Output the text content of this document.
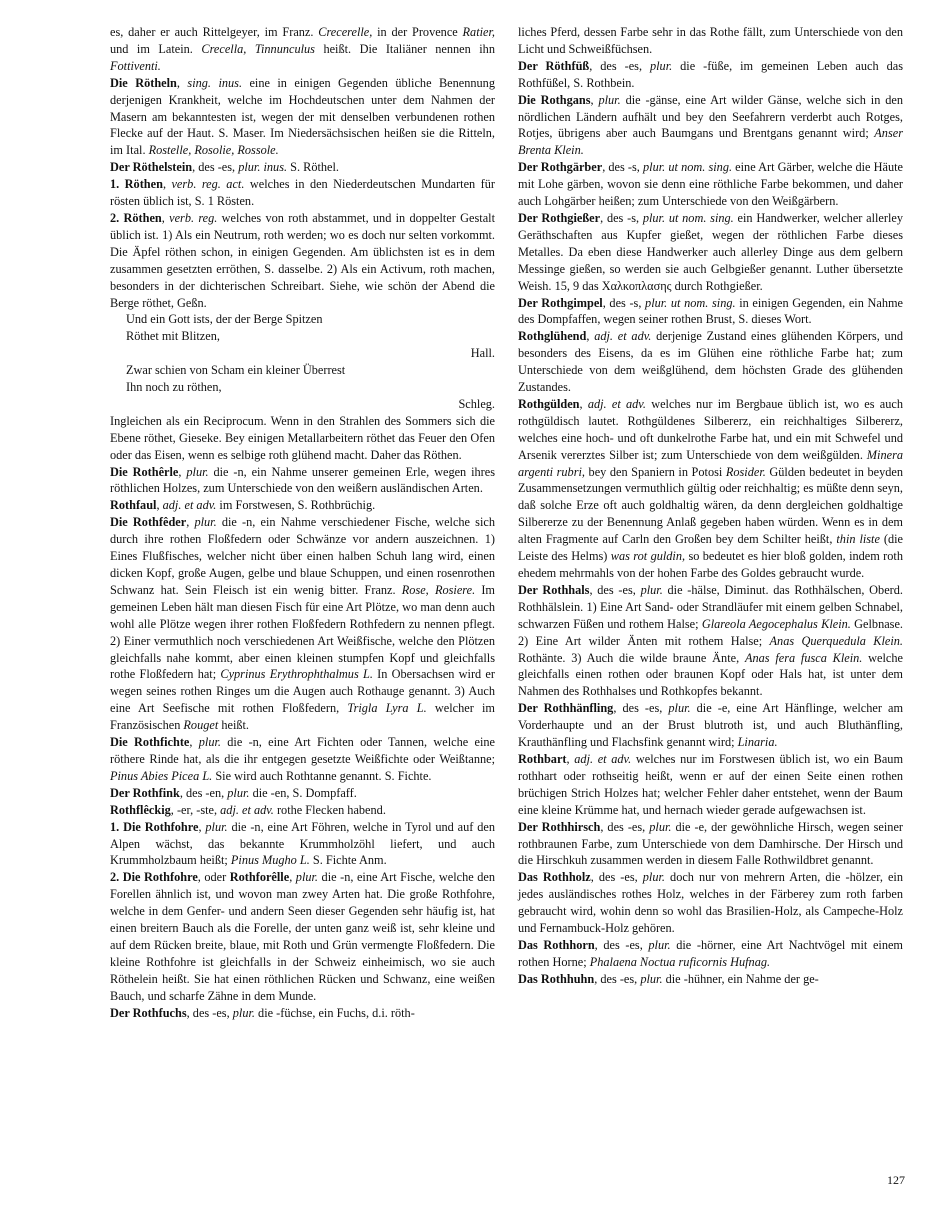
es, daher er auch Rittelgeyer, im Franz. Crecerelle, in der Provence Ratier, und im Latein. Crecella, Tinnunculus heißt. Die Italiäner nennen ihn Fottiventi.

Die Rötheln, sing. inus. eine in einigen Gegenden übliche Benennung derjenigen Krankheit, welche im Hochdeutschen unter dem Nahmen der Masern am bekanntesten ist, wegen der mit denselben verbundenen rothen Flecke auf der Haut. S. Maser. Im Niedersächsischen heißen sie die Ritteln, im Ital. Rostelle, Rosolie, Rossole.

Der Röthelstein, des -es, plur. inus. S. Röthel.

1. Röthen, verb. reg. act. welches in den Niederdeutschen Mundarten für rösten üblich ist, S. 1 Rösten.

2. Röthen, verb. reg. welches von roth abstammet, und in doppelter Gestalt üblich ist. 1) Als ein Neutrum, roth werden; wo es doch nur selten vorkommt. Die Äpfel röthen schon, in einigen Gegenden. Am üblichsten ist es in dem zusammen gesetzten erröthen, S. dasselbe. 2) Als ein Activum, roth machen, besonders in der dichterischen Schreibart. Siehe, wie schön der Abend die Berge röthet, Geßn.

Und ein Gott ists, der der Berge Spitzen

Röthet mit Blitzen,

Hall.

Zwar schien von Scham ein kleiner Überrest

Ihn noch zu röthen,

Schleg.

Ingleichen als ein Reciprocum. Wenn in den Strahlen des Sommers sich die Ebene röthet, Gieseke. Bey einigen Metallarbeitern röthet das Feuer den Ofen oder das Eisen, wenn es selbige roth glühend macht. Daher das Röthen.

Die Rothêrle, plur. die -n, ein Nahme unserer gemeinen Erle, wegen ihres röthlichen Holzes, zum Unterschiede von den weißern ausländischen Arten.

Rothfaul, adj. et adv. im Forstwesen, S. Rothbrüchig.

Die Rothfêder, plur. die -n, ein Nahme verschiedener Fische, welche sich durch ihre rothen Floßfedern oder Schwänze vor andern auszeichnen. 1) Eines Flußfisches, welcher nicht über einen halben Schuh lang wird, einen dicken Kopf, große Augen, gelbe und blaue Schuppen, und einen rosenrothen Schwanz hat. Sein Fleisch ist ein wenig bitter. Franz. Rose, Rosiere. Im gemeinen Leben hält man diesen Fisch für eine Art Plötze, wo man denn auch wohl alle Plötze wegen ihrer rothen Floßfedern Rothfedern zu nennen pflegt. 2) Einer vermuthlich noch verschiedenen Art Weißfische, welche den Plötzen gleichfalls nahe kommt, aber einen kleinen stumpfen Kopf und gleichfalls rothe Floßfedern hat; Cyprinus Erythrophthalmus L. In Obersachsen wird er wegen seines rothen Ringes um die Augen auch Rothauge genannt. 3) Auch eine Art Seefische mit rothen Floßfedern, Trigla Lyra L. welcher im Französischen Rouget heißt.

Die Rothfichte, plur. die -n, eine Art Fichten oder Tannen, welche eine röthere Rinde hat, als die ihr entgegen gesetzte Weißfichte oder Weißtanne; Pinus Abies Picea L. Sie wird auch Rothtanne genannt. S. Fichte.

Der Rothfink, des -en, plur. die -en, S. Dompfaff.

Rothflêckig, -er, -ste, adj. et adv. rothe Flecken habend.

1. Die Rothfohre, plur. die -n, eine Art Föhren, welche in Tyrol und auf den Alpen wächst, das bekannte Krummholzöhl liefert, und auch Krummholzbaum heißt; Pinus Mugho L. S. Fichte Anm.

2. Die Rothfohre, oder Rothforêlle, plur. die -n, eine Art Fische, welche den Forellen ähnlich ist, und wovon man zwey Arten hat. Die große Rothfohre, welche in dem Genfer- und andern Seen dieser Gegenden sehr häufig ist, hat einen breitern Bauch als die Forelle, der unten ganz weiß ist, sehr kleine und auf dem Rücken breite, blaue, mit Roth und Grün vermengte Floßfedern. Die kleine Rothfohre ist gleichfalls in der Schweiz einheimisch, wo sie auch Röthelein heißt. Sie hat einen röthlichen Rücken und Schwanz, eine weißen Bauch, und scharfe Zähne in dem Munde.

Der Rothfuchs, des -es, plur. die -füchse, ein Fuchs, d.i. röth-

liches Pferd, dessen Farbe sehr in das Rothe fällt, zum Unterschiede von den Licht und Schweißfüchsen.

Der Röthfüß, des -es, plur. die -füße, im gemeinen Leben auch das Rothfüßel, S. Rothbein.

Die Rothgans, plur. die -gänse, eine Art wilder Gänse, welche sich in den nördlichen Ländern aufhält und bey den Seefahrern verderbt auch Rotges, Rotjes, übrigens aber auch Baumgans und Brentgans genannt wird; Anser Brenta Klein.

Der Rothgärber, des -s, plur. ut nom. sing. eine Art Gärber, welche die Häute mit Lohe gärben, wovon sie denn eine röthliche Farbe bekommen, und daher auch Lohgärber heißen; zum Unterschiede von den Weißgärbern.

Der Rothgießer, des -s, plur. ut nom. sing. ein Handwerker, welcher allerley Geräthschaften aus Kupfer gießet, wegen der röthlichen Farbe dieses Metalles. Da eben diese Handwerker auch allerley Dinge aus dem gelbern Messinge gießen, so werden sie auch Gelbgießer genannt. Luther übersetzte Weish. 15, 9 das Χαλκοπλασης durch Rothgießer.

Der Rothgimpel, des -s, plur. ut nom. sing. in einigen Gegenden, ein Nahme des Dompfaffen, wegen seiner rothen Brust, S. dieses Wort.

Rothglühend, adj. et adv. derjenige Zustand eines glühenden Körpers, und besonders des Eisens, da es im Glühen eine röthliche Farbe hat; zum Unterschiede von dem weißglühend, dem höchsten Grade des glühenden Zustandes.

Rothgülden, adj. et adv. welches nur im Bergbaue üblich ist, wo es auch rothgüldisch lautet. Rothgüldenes Silbererz, ein reichhaltiges Silbererz, welches eine hoch- und oft dunkelrothe Farbe hat, und ein mit Schwefel und Arsenik vererztes Silber ist; zum Unterschiede von dem weißgülden. Minera argenti rubri, bey den Spaniern in Potosi Rosider. Gülden bedeutet in beyden Zusammensetzungen vermuthlich gültig oder reichhaltig; es müßte denn seyn, daß solche Erze oft auch goldhaltig wären, da denn dergleichen goldhaltige Silbererze zu der Benennung Anlaß gegeben haben würden. Wenn es in dem alten Fragmente auf Carln den Großen bey dem Schilter heißt, thin liste (die Leiste des Helms) was rot guldin, so bedeutet es hier bloß golden, indem roth ehedem mehrmahls von der hohen Farbe des Goldes gebraucht wurde.

Der Rothhals, des -es, plur. die -hälse, Diminut. das Rothhälschen, Oberd. Rothhälslein. 1) Eine Art Sand- oder Strandläufer mit einem gelben Schnabel, schwarzen Füßen und rothem Halse; Glareola Aegocephalus Klein. Gelbnase. 2) Eine Art wilder Änten mit rothem Halse; Anas Querquedula Klein. Rothänte. 3) Auch die wilde braune Änte, Anas fera fusca Klein. welche gleichfalls einen rothen oder braunen Kopf oder Hals hat, ist unter dem Nahmen des Rothhalses und Rothkopfes bekannt.

Der Rothhänfling, des -es, plur. die -e, eine Art Hänflinge, welcher am Vorderhaupte und an der Brust blutroth ist, und auch Bluthänfling, Krauthänfling und Flachsfink genannt wird; Linaria.

Rothbart, adj. et adv. welches nur im Forstwesen üblich ist, wo ein Baum rothhart oder rothseitig heißt, wenn er auf der einen Seite einen rothen brüchigen Strich Holzes hat; welcher Fehler daher entstehet, wenn der Baum eine kleine Krümme hat, und hernach wieder gerade aufgewachsen ist.

Der Rothhirsch, des -es, plur. die -e, der gewöhnliche Hirsch, wegen seiner rothbraunen Farbe, zum Unterschiede von dem Damhirsche. Der Hirsch und die Hirschkuh zusammen werden in diesem Falle Rothwildbret genannt.

Das Rothholz, des -es, plur. doch nur von mehrern Arten, die -hölzer, ein jedes ausländisches rothes Holz, welches in der Färberey zum roth farben gebraucht wird, wohin denn so wohl das Brasilien-Holz, als Campeche-Holz und Fernambuck-Holz gehören.

Das Rothhorn, des -es, plur. die -hörner, eine Art Nachtvögel mit einem rothen Horne; Phalaena Noctua ruficornis Hufnag.

Das Rothhuhn, des -es, plur. die -hühner, ein Nahme der ge-

127
